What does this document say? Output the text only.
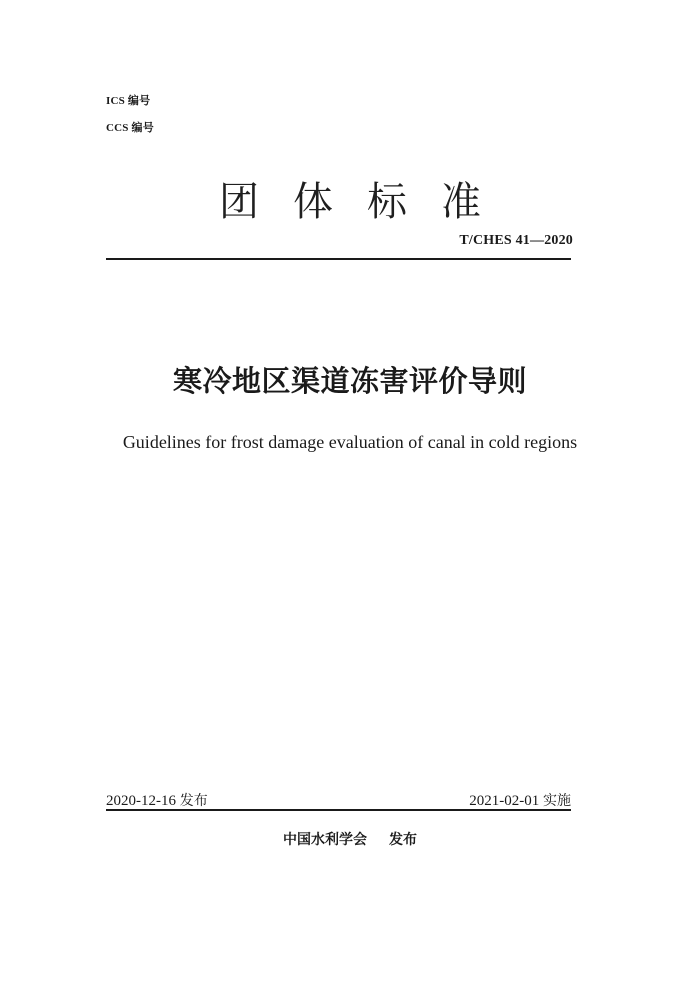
ICS 编号
CCS 编号
团 体 标 准
T/CHES 41—2020
寒冷地区渠道冻害评价导则
Guidelines for frost damage evaluation of canal in cold regions
2020-12-16 发布	2021-02-01 实施
中国水利学会 发布
